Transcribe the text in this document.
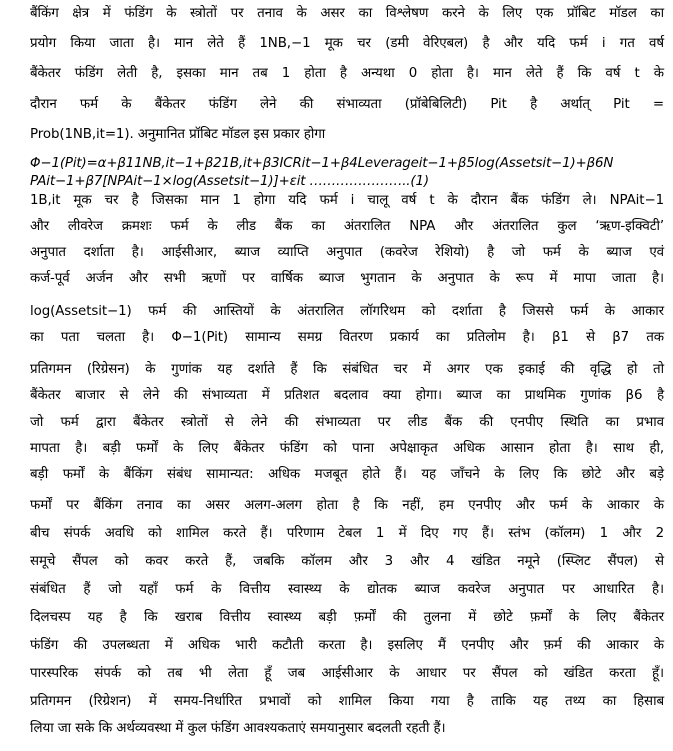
बैंकिंग क्षेत्र में फंडिंग के स्त्रोतों पर तनाव के असर का विश्लेषण करने के लिए एक प्रॉबिट मॉडल का
प्रयोग किया जाता है। मान लेते हैं 1NB,−1 मूक चर (डमी वेरिएबल) है और यदि फर्म i गत वर्ष
बैंकेतर फंडिंग लेती है, इसका मान तब 1 होता है अन्यथा 0 होता है। मान लेते हैं कि वर्ष t के
दौरान फर्म के बैंकेतर फंडिंग लेने की संभाव्यता (प्रॉबेबिलिटी) Pit है अर्थात् Pit =
Prob(1NB,it=1). अनुमानित प्रॉबिट मॉडल इस प्रकार होगा
Φ−1(Pit)=α+β11NB,it−1+β21B,it+β3ICRit−1+β4Leverageit−1+β5log(Assetsit−1)+β6N
PAit−1+β7[NPAit−1×log(Assetsit−1)]+εit …………………..(1)
1B,it मूक चर है जिसका मान 1 होगा यदि फर्म i चालू वर्ष t के दौरान बैंक फंडिंग ले। NPAit−1
और लीवरेज क्रमशः फर्म के लीड बैंक का अंतरालित NPA और अंतरालित कुल ‘ऋण-इक्विटी’
अनुपात दर्शाता है। आईसीआर, ब्याज व्याप्ति अनुपात (कवरेज रेशियो) है जो फर्म के ब्याज एवं
कर्ज-पूर्व अर्जन और सभी ऋणों पर वार्षिक ब्याज भुगतान के अनुपात के रूप में मापा जाता है।
log(Assetsit−1) फर्म की आस्तियों के अंतरालित लॉगरिथम को दर्शाता है जिससे फर्म के आकार
का पता चलता है। Φ−1(Pit) सामान्य समग्र वितरण प्रकार्य का प्रतिलोम है। β1 से β7 तक
प्रतिगमन (रिग्रेसन) के गुणांक यह दर्शाते हैं कि संबंधित चर में अगर एक इकाई की वृद्धि हो तो
बैंकेतर बाजार से लेने की संभाव्यता में प्रतिशत बदलाव क्या होगा। ब्याज का प्राथमिक गुणांक β6 है
जो फर्म द्वारा बैंकेतर स्त्रोतों से लेने की संभाव्यता पर लीड बैंक की एनपीए स्थिति का प्रभाव
मापता है। बड़ी फर्मों के लिए बैंकेतर फंडिंग को पाना अपेक्षाकृत अधिक आसान होता है। साथ ही,
बड़ी फर्मों के बैंकिंग संबंध सामान्यत: अधिक मजबूत होते हैं। यह जाँचने के लिए कि छोटे और बड़े
फर्मों पर बैंकिंग तनाव का असर अलग-अलग होता है कि नहीं, हम एनपीए और फर्म के आकार के
बीच संपर्क अवधि को शामिल करते हैं। परिणाम टेबल 1 में दिए गए हैं। स्तंभ (कॉलम) 1 और 2
समूचे सैंपल को कवर करते हैं, जबकि कॉलम और 3 और 4 खंडित नमूने (स्प्लिट सैंपल) से
संबंधित हैं जो यहाँ फर्म के वित्तीय स्वास्थ्य के द्योतक ब्याज कवरेज अनुपात पर आधारित है।
दिलचस्प यह है कि खराब वित्तीय स्वास्थ्य बड़ी फ़र्मों की तुलना में छोटे फ़र्मों के लिए बैंकेतर
फंडिंग की उपलब्धता में अधिक भारी कटौती करता है। इसलिए मैं एनपीए और फ़र्म की आकार के
पारस्परिक संपर्क को तब भी लेता हूँ जब आईसीआर के आधार पर सैंपल को खंडित करता हूँ।
प्रतिगमन (रिग्रेशन) में समय-निर्धारित प्रभावों को शामिल किया गया है ताकि यह तथ्य का हिसाब
लिया जा सके कि अर्थव्यवस्था में कुल फंडिंग आवश्यकताएं समयानुसार बदलती रहती हैं।
